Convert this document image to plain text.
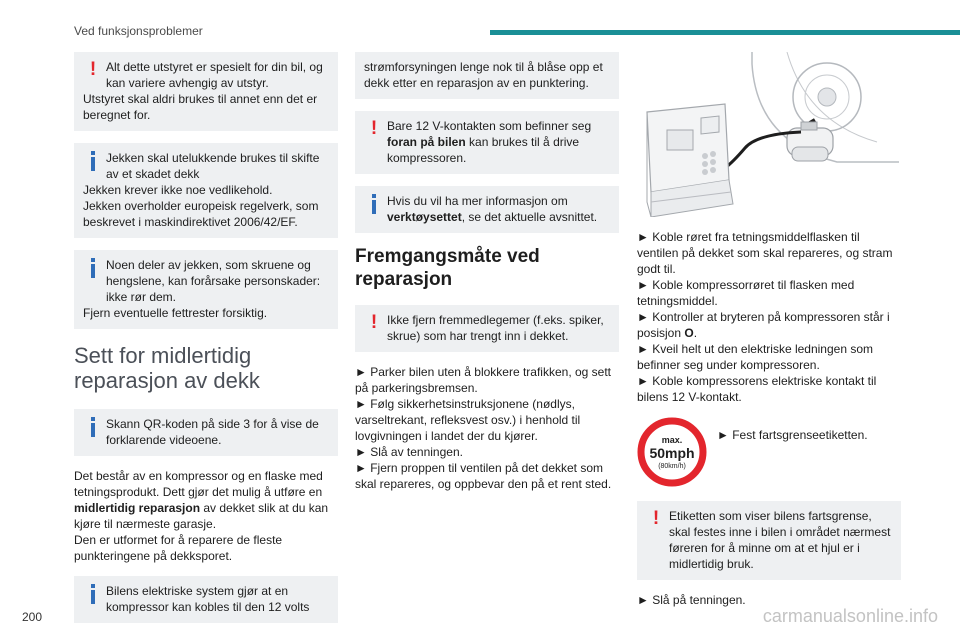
Ved funksjonsproblemer
! Alt dette utstyret er spesielt for din bil, og kan variere avhengig av utstyr.

Utstyret skal aldri brukes til annet enn det er beregnet for.

Jekken skal utelukkende brukes til skifte av et skadet dekk

Jekken krever ikke noe vedlikehold.

Jekken overholder europeisk regelverk, som beskrevet i maskindirektivet 2006/42/EF.

Noen deler av jekken, som skruene og hengslene, kan forårsake personskader: ikke rør dem.

Fjern eventuelle fettrester forsiktig.

Sett for midlertidig reparasjon av dekk
Skann QR-koden på side 3 for å vise de forklarende videoene.

Det består av en kompressor og en flaske med tetningsprodukt. Dett gjør det mulig å utføre en midlertidig reparasjon av dekket slik at du kan kjøre til nærmeste garasje.
Den er utformet for å reparere de fleste punkteringene på dekksporet.

Bilens elektriske system gjør at en kompressor kan kobles til den 12 volts

strømforsyningen lenge nok til å blåse opp et dekk etter en reparasjon av en punktering.

! Bare 12 V-kontakten som befinner seg foran på bilen kan brukes til å drive kompressoren.
Hvis du vil ha mer informasjon om verktøysettet, se det aktuelle avsnittet.
Fremgangsmåte ved reparasjon
! Ikke fjern fremmedlegemer (f.eks. spiker, skrue) som har trengt inn i dekket.

► Parker bilen uten å blokkere trafikken, og sett på parkeringsbremsen.
► Følg sikkerhetsinstruksjonene (nødlys, varseltrekant, refleksvest osv.) i henhold til lovgivningen i landet der du kjører.
► Slå av tenningen.
► Fjern proppen til ventilen på det dekket som skal repareres, og oppbevar den på et rent sted.

► Koble røret fra tetningsmiddelflasken til ventilen på dekket som skal repareres, og stram godt til.
► Koble kompressorrøret til flasken med tetningsmiddel.
► Kontroller at bryteren på kompressoren står i posisjon O.
► Kveil helt ut den elektriske ledningen som befinner seg under kompressoren.
► Koble kompressorens elektriske kontakt til bilens 12 V-kontakt.

max.
50mph
(80km/h)
► Fest fartsgrenseetiketten.
! Etiketten som viser bilens fartsgrense, skal festes inne i bilen i området nærmest føreren for å minne om at et hjul er i midlertidig bruk.

► Slå på tenningen.

200	carmanualsonline.info
